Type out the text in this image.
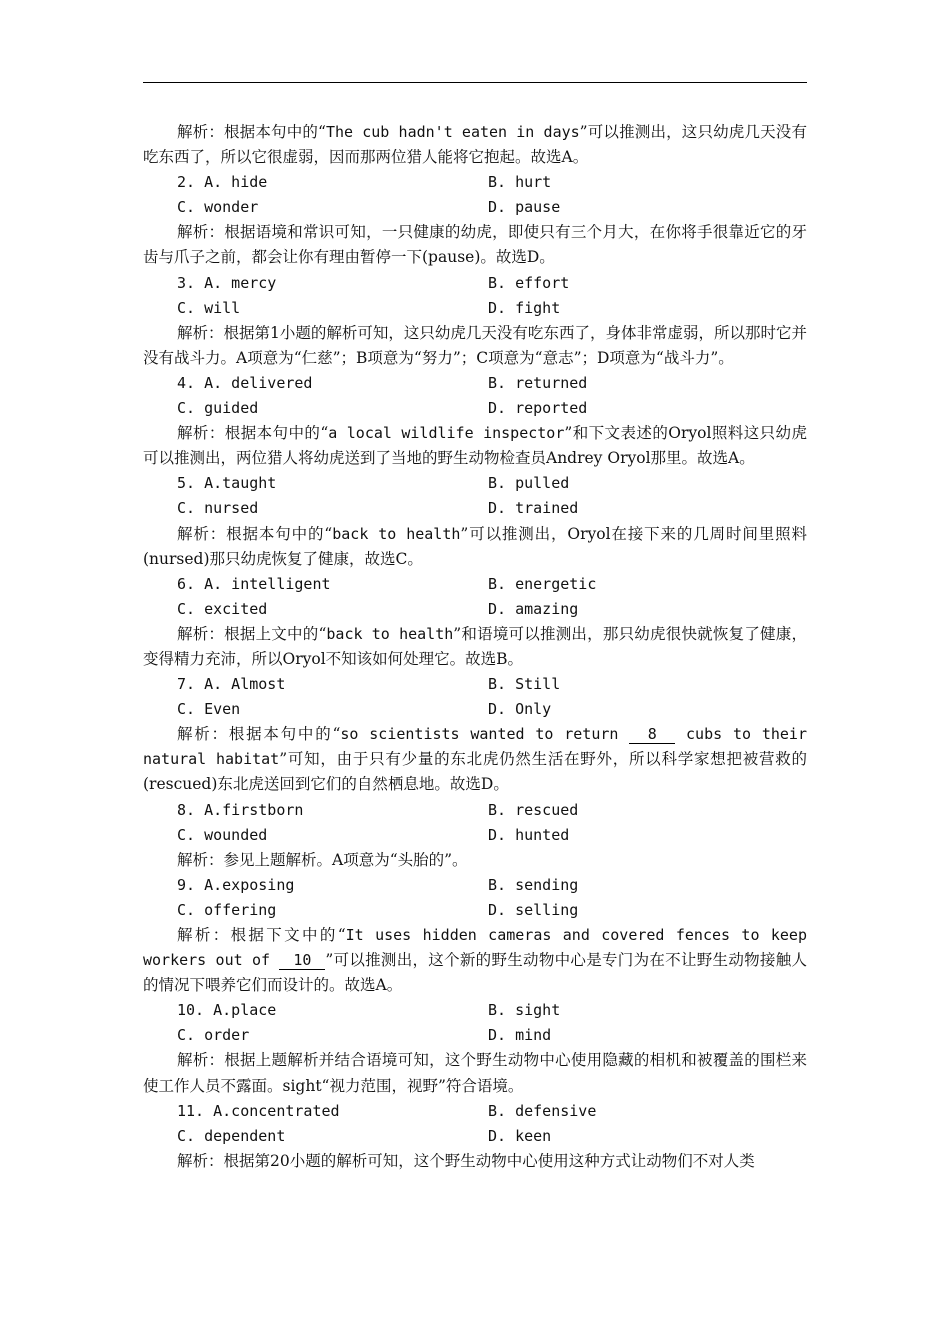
解析：根据本句中的“The cub hadn't eaten in days”可以推测出，这只幼虎几天没有吃东西了，所以它很虚弱，因而那两位猎人能将它抱起。故选A。

2. A. hide	B. hurt
C. wonder	D. pause

解析：根据语境和常识可知，一只健康的幼虎，即使只有三个月大，在你将手很靠近它的牙齿与爪子之前，都会让你有理由暂停一下(pause)。故选D。

3. A. mercy	B. effort
C. will	D. fight

解析：根据第1小题的解析可知，这只幼虎几天没有吃东西了，身体非常虚弱，所以那时它并没有战斗力。A项意为“仁慈”；B项意为“努力”；C项意为“意志”；D项意为“战斗力”。

4. A. delivered	B. returned
C. guided	D. reported

解析：根据本句中的“a local wildlife inspector”和下文表述的Oryol照料这只幼虎可以推测出，两位猎人将幼虎送到了当地的野生动物检查员Andrey Oryol那里。故选A。

5. A.taught	B. pulled
C. nursed	D. trained

解析：根据本句中的“back to health”可以推测出，Oryol在接下来的几周时间里照料(nursed)那只幼虎恢复了健康，故选C。

6. A. intelligent	B. energetic
C. excited	D. amazing

解析：根据上文中的“back to health”和语境可以推测出，那只幼虎很快就恢复了健康，变得精力充沛，所以Oryol不知该如何处理它。故选B。

7. A. Almost	B. Still
C. Even	D. Only

解析：根据本句中的“so scientists wanted to return 8 cubs to their natural habitat”可知，由于只有少量的东北虎仍然生活在野外，所以科学家想把被营救的(rescued)东北虎送回到它们的自然栖息地。故选D。

8. A.firstborn	B. rescued
C. wounded	D. hunted

解析：参见上题解析。A项意为“头胎的”。

9. A.exposing	B. sending
C. offering	D. selling

解析：根据下文中的“It uses hidden cameras and covered fences to keep workers out of 10 ”可以推测出，这个新的野生动物中心是专门为在不让野生动物接触人的情况下喂养它们而设计的。故选A。

10. A.place	B. sight
C. order	D. mind

解析：根据上题解析并结合语境可知，这个野生动物中心使用隐藏的相机和被覆盖的围栏来使工作人员不露面。sight“视力范围，视野”符合语境。

11. A.concentrated	B. defensive
C. dependent	D. keen

解析：根据第20小题的解析可知，这个野生动物中心使用这种方式让动物们不对人类
